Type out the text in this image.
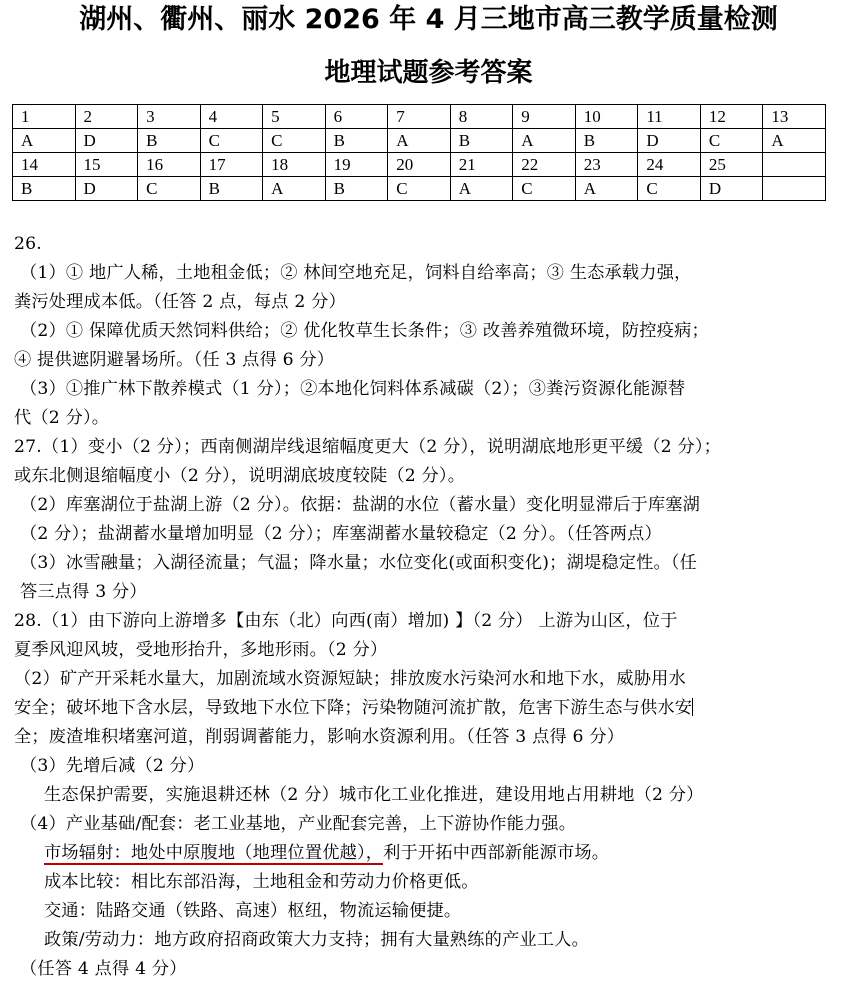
湖州、衢州、丽水 2026 年 4 月三地市高三教学质量检测
地理试题参考答案
1	2	3	4	5	6	7	8	9	10	11	12	13
A	D	B	C	C	B	A	B	A	B	D	C	A
14	15	16	17	18	19	20	21	22	23	24	25	
B	D	C	B	A	B	C	A	C	A	C	D	

26.

（1）① 地广人稀，土地租金低；② 林间空地充足，饲料自给率高；③ 生态承载力强，

粪污处理成本低。（任答 2 点，每点 2 分）

（2）① 保障优质天然饲料供给；② 优化牧草生长条件；③ 改善养殖微环境，防控疫病；

④ 提供遮阴避暑场所。（任 3 点得 6 分）

（3）①推广林下散养模式（1 分）；②本地化饲料体系减碳（2）；③粪污资源化能源替

代（2 分）。

27.（1）变小（2 分）；西南侧湖岸线退缩幅度更大（2 分），说明湖底地形更平缓（2 分）；

或东北侧退缩幅度小（2 分），说明湖底坡度较陡（2 分）。

（2）库塞湖位于盐湖上游（2 分）。依据：盐湖的水位（蓄水量）变化明显滞后于库塞湖

（2 分）；盐湖蓄水量增加明显（2 分）；库塞湖蓄水量较稳定（2 分）。（任答两点）

（3）冰雪融量；入湖径流量；气温；降水量；水位变化(或面积变化)；湖堤稳定性。（任

答三点得 3 分）

28.（1）由下游向上游增多【由东（北）向西(南）增加) 】（2 分） 上游为山区，位于

夏季风迎风坡，受地形抬升，多地形雨。（2 分）

（2）矿产开采耗水量大，加剧流域水资源短缺；排放废水污染河水和地下水，威胁用水

安全；破坏地下含水层，导致地下水位下降；污染物随河流扩散，危害下游生态与供水安

全；废渣堆积堵塞河道，削弱调蓄能力，影响水资源利用。（任答 3 点得 6 分）

（3）先增后减（2 分）

生态保护需要，实施退耕还林（2 分）城市化工业化推进，建设用地占用耕地（2 分）

（4）产业基础/配套：老工业基地，产业配套完善，上下游协作能力强。

市场辐射：地处中原腹地（地理位置优越），利于开拓中西部新能源市场。

成本比较：相比东部沿海，土地租金和劳动力价格更低。

交通：陆路交通（铁路、高速）枢纽，物流运输便捷。

政策/劳动力：地方政府招商政策大力支持；拥有大量熟练的产业工人。

（任答 4 点得 4 分）
